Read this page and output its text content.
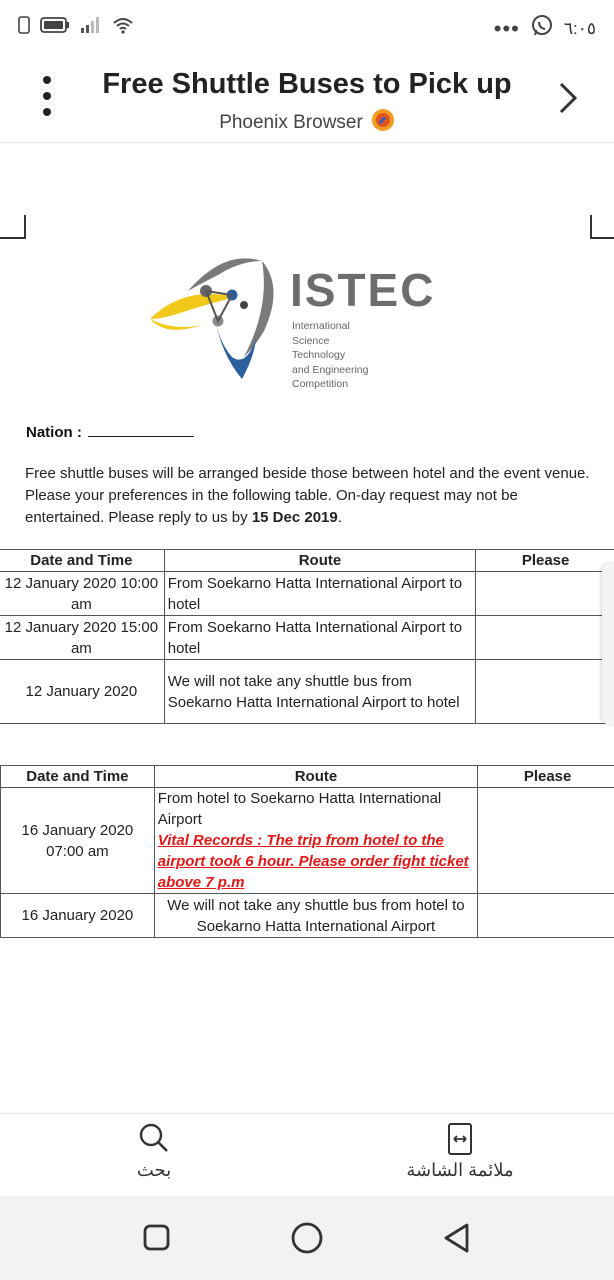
•••	٦:٠٥
Free Shuttle Buses to Pick up
Phoenix Browser
ISTEC
International
Science
Technology
and Engineering
Competition
Nation :
Free shuttle buses will be arranged beside those between hotel and the event venue. Please your preferences in the following table. On-day request may not be entertained. Please reply to us by 15 Dec 2019.
Date and Time	Route	Please
12 January 2020 10:00 am	From Soekarno Hatta International Airport to hotel	
12 January 2020 15:00 am	From Soekarno Hatta International Airport to hotel	
12 January 2020	We will not take any shuttle bus from Soekarno Hatta International Airport to hotel	
Date and Time	Route	Please
16 January 2020 07:00 am	From hotel to Soekarno Hatta International Airport
Vital Records : The trip from hotel to the airport took 6 hour. Please order fight ticket above 7 p.m	

16 January 2020	We will not take any shuttle bus from hotel to Soekarno Hatta International Airport	
بحث	ملائمة الشاشة
